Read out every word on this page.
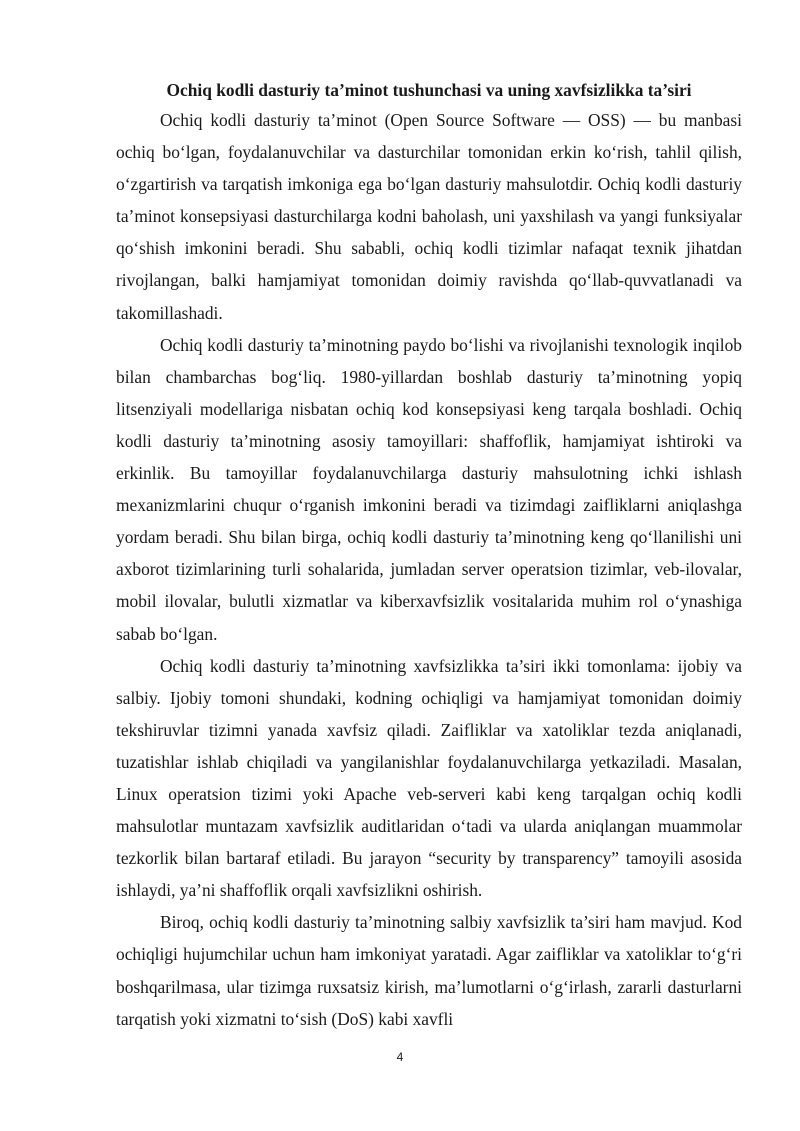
Ochiq kodli dasturiy ta’minot tushunchasi va uning xavfsizlikka ta’siri

Ochiq kodli dasturiy ta’minot (Open Source Software — OSS) — bu manbasi ochiq bo‘lgan, foydalanuvchilar va dasturchilar tomonidan erkin ko‘rish, tahlil qilish, o‘zgartirish va tarqatish imkoniga ega bo‘lgan dasturiy mahsulotdir. Ochiq kodli dasturiy ta’minot konsepsiyasi dasturchilarga kodni baholash, uni yaxshilash va yangi funksiyalar qo‘shish imkonini beradi. Shu sababli, ochiq kodli tizimlar nafaqat texnik jihatdan rivojlangan, balki hamjamiyat tomonidan doimiy ravishda qo‘llab-quvvatlanadi va takomillashadi.

Ochiq kodli dasturiy ta’minotning paydo bo‘lishi va rivojlanishi texnologik inqilob bilan chambarchas bog‘liq. 1980-yillardan boshlab dasturiy ta’minotning yopiq litsenziyali modellariga nisbatan ochiq kod konsepsiyasi keng tarqala boshladi. Ochiq kodli dasturiy ta’minotning asosiy tamoyillari: shaffoflik, hamjamiyat ishtiroki va erkinlik. Bu tamoyillar foydalanuvchilarga dasturiy mahsulotning ichki ishlash mexanizmlarini chuqur o‘rganish imkonini beradi va tizimdagi zaifliklarni aniqlashga yordam beradi. Shu bilan birga, ochiq kodli dasturiy ta’minotning keng qo‘llanilishi uni axborot tizimlarining turli sohalarida, jumladan server operatsion tizimlar, veb-ilovalar, mobil ilovalar, bulutli xizmatlar va kiberxavfsizlik vositalarida muhim rol o‘ynashiga sabab bo‘lgan.

Ochiq kodli dasturiy ta’minotning xavfsizlikka ta’siri ikki tomonlama: ijobiy va salbiy. Ijobiy tomoni shundaki, kodning ochiqligi va hamjamiyat tomonidan doimiy tekshiruvlar tizimni yanada xavfsiz qiladi. Zaifliklar va xatoliklar tezda aniqlanadi, tuzatishlar ishlab chiqiladi va yangilanishlar foydalanuvchilarga yetkaziladi. Masalan, Linux operatsion tizimi yoki Apache veb-serveri kabi keng tarqalgan ochiq kodli mahsulotlar muntazam xavfsizlik auditlaridan o‘tadi va ularda aniqlangan muammolar tezkorlik bilan bartaraf etiladi. Bu jarayon “security by transparency” tamoyili asosida ishlaydi, ya’ni shaffoflik orqali xavfsizlikni oshirish.

Biroq, ochiq kodli dasturiy ta’minotning salbiy xavfsizlik ta’siri ham mavjud. Kod ochiqligi hujumchilar uchun ham imkoniyat yaratadi. Agar zaifliklar va xatoliklar to‘g‘ri boshqarilmasa, ular tizimga ruxsatsiz kirish, ma’lumotlarni o‘g‘irlash, zararli dasturlarni tarqatish yoki xizmatni to‘sish (DoS) kabi xavfli

4
